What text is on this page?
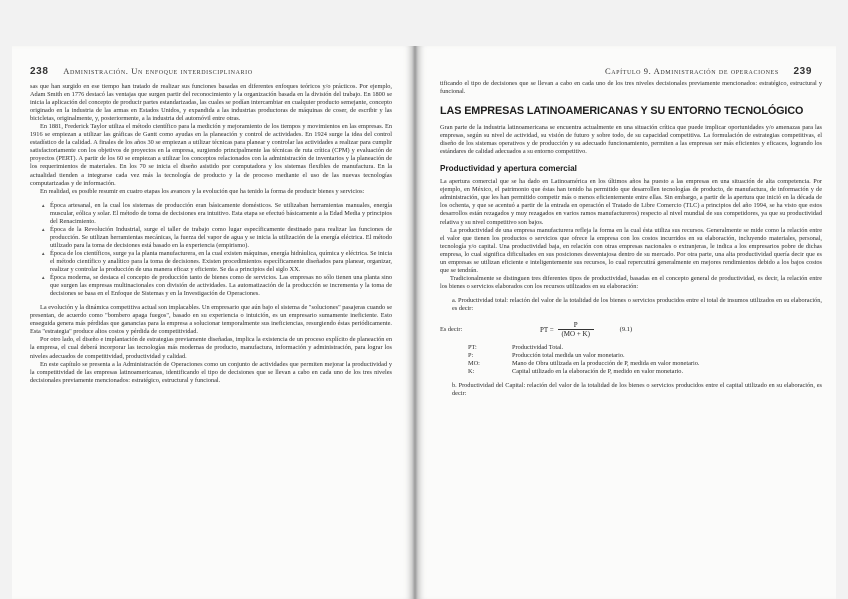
238 Administración. Un enfoque interdisciplinario

sas que han surgido en ese tiempo han tratado de realizar sus funciones basadas en diferentes enfoques teóricos y/o prácticos. Por ejemplo, Adam Smith en 1776 destacó las ventajas que surgen partir del reconocimiento y la organización basada en la división del trabajo. En 1800 se inicia la aplicación del concepto de producir partes estandarizadas, las cuales se podían intercambiar en cualquier producto semejante, concepto originado en la industria de las armas en Estados Unidos, y expandida a las industrias productoras de máquinas de coser, de escribir y las bicicletas, originalmente, y, posteriormente, a la industria del automóvil entre otras.

En 1881, Frederick Taylor utiliza el método científico para la medición y mejoramiento de los tiempos y movimientos en las empresas. En 1916 se empiezan a utilizar las gráficas de Gantt como ayudas en la planeación y control de actividades. En 1924 surge la idea del control estadístico de la calidad. A finales de los años 30 se empiezan a utilizar técnicas para planear y controlar las actividades a realizar para cumplir satisfactoriamente con los objetivos de proyectos en la empresa, surgiendo principalmente las técnicas de ruta crítica (CPM) y evaluación de proyectos (PERT). A partir de los 60 se empiezan a utilizar los conceptos relacionados con la administración de inventarios y la planeación de los requerimientos de materiales. En los 70 se inicia el diseño asistido por computadora y los sistemas flexibles de manufactura. En la actualidad tienden a integrarse cada vez más la tecnología de producto y la de proceso mediante el uso de las nuevas tecnologías computarizadas y de información.

En realidad, es posible resumir en cuatro etapas los avances y la evolución que ha tenido la forma de producir bienes y servicios:

▲ Época artesanal, en la cual los sistemas de producción eran básicamente domésticos. Se utilizaban herramientas manuales, energía muscular, eólica y solar. El método de toma de decisiones era intuitivo. Esta etapa se efectuó básicamente a la Edad Media y principios del Renacimiento.
▲ Época de la Revolución Industrial, surge el taller de trabajo como lugar específicamente destinado para realizar las funciones de producción. Se utilizan herramientas mecánicas, la fuerza del vapor de agua y se inicia la utilización de la energía eléctrica. El método utilizado para la toma de decisiones está basado en la experiencia (empirismo).
▲ Época de los científicos, surge ya la planta manufacturera, en la cual existen máquinas, energía hidráulica, química y eléctrica. Se inicia el método científico y analítico para la toma de decisiones. Existen procedimientos específicamente diseñados para planear, organizar, realizar y controlar la producción de una manera eficaz y eficiente. Se da a principios del siglo XX.
▲ Época moderna, se destaca el concepto de producción tanto de bienes como de servicios. Las empresas no sólo tienen una planta sino que surgen las empresas multinacionales con división de actividades. La automatización de la producción se incrementa y la toma de decisiones se basa en el Enfoque de Sistemas y en la Investigación de Operaciones.

La evolución y la dinámica competitiva actual son implacables. Un empresario que aún bajo el sistema de "soluciones" pasajeras cuando se presentan, de acuerdo como "bombero apaga fuegos", basado en su experiencia o intuición, es un empresario sumamente ineficiente. Esto enseguida genera más pérdidas que ganancias para la empresa a solucionar temporalmente sus ineficiencias, resurgiendo éstas periódicamente. Esta "estrategia" produce altos costos y pérdida de competitividad.

Por otro lado, el diseño e implantación de estrategias previamente diseñadas, implica la existencia de un proceso explícito de planeación en la empresa, el cual deberá incorporar las tecnologías más modernas de producto, manufactura, información y administración, para lograr los niveles adecuados de competitividad, productividad y calidad.

En este capítulo se presenta a la Administración de Operaciones como un conjunto de actividades que permiten mejorar la productividad y la competitividad de las empresas latinoamericanas, identificando el tipo de decisiones que se llevan a cabo en cada uno de los tres niveles decisionales previamente mencionados: estratégico, estructural y funcional.

Capítulo 9. Administración de operaciones 239

tificando el tipo de decisiones que se llevan a cabo en cada uno de los tres niveles decisionales previamente mencionados: estratégico, estructural y funcional.

LAS EMPRESAS LATINOAMERICANAS Y SU ENTORNO TECNOLÓGICO

Gran parte de la industria latinoamericana se encuentra actualmente en una situación crítica que puede implicar oportunidades y/o amenazas para las empresas, según su nivel de actividad, su visión de futuro y sobre todo, de su capacidad competitiva. La formulación de estrategias competitivas, el diseño de los sistemas operativos y de producción y su adecuado funcionamiento, permiten a las empresas ser más eficientes y eficaces, logrando los estándares de calidad adecuados a su entorno competitivo.

Productividad y apertura comercial

La apertura comercial que se ha dado en Latinoamérica en los últimos años ha puesto a las empresas en una situación de alta competencia. Por ejemplo, en México, el patrimonio que éstas han tenido ha permitido que desarrollen tecnologías de producto, de manufactura, de información y de administración, que les han permitido competir más o menos eficientemente entre ellas. Sin embargo, a partir de la apertura que inició en la década de los ochenta, y que se acentuó a partir de la entrada en operación el Tratado de Libre Comercio (TLC) a principios del año 1994, se ha visto que estos desarrollos están rezagados y muy rezagados en varios ramos manufactureros) respecto al nivel mundial de sus competidores, ya que su productividad relativa y su nivel competitivo son bajos.

La productividad de una empresa manufacturera refleja la forma en la cual ésta utiliza sus recursos. Generalmente se mide como la relación entre el valor que tienen los productos o servicios que ofrece la empresa con los costos incurridos en su elaboración, incluyendo materiales, personal, tecnología y/o capital. Una productividad baja, en relación con otras empresas nacionales o extranjeras, le indica a los empresarios pobre de dichas empresa, lo cual significa dificultades en sus posiciones desventajosa dentro de su mercado. Por otra parte, una alta productividad quería decir que es un empresas se utilizan eficiente e inteligentemente sus recursos, lo cual repercutirá generalmente en mejores rendimientos debido a los bajos costos que se tendrán.

Tradicionalmente se distinguen tres diferentes tipos de productividad, basadas en el concepto general de productividad, es decir, la relación entre los bienes o servicios elaborados con los recursos utilizados en su elaboración:

a. Productividad total: relación del valor de la totalidad de los bienes o servicios producidos entre el total de insumos utilizados en su elaboración, es decir:

Es decir:	PT = $\frac{P}{(MO + K)}$	(9.1)
PT:	Productividad Total.
P:	Producción total medida un valor monetario.
MO:	Mano de Obra utilizada en la producción de P, medida en valor monetario.
K:	Capital utilizado en la elaboración de P, medido en valor monetario.

b. Productividad del Capital: relación del valor de la totalidad de los bienes o servicios producidos entre el capital utilizado en su elaboración, es decir:
